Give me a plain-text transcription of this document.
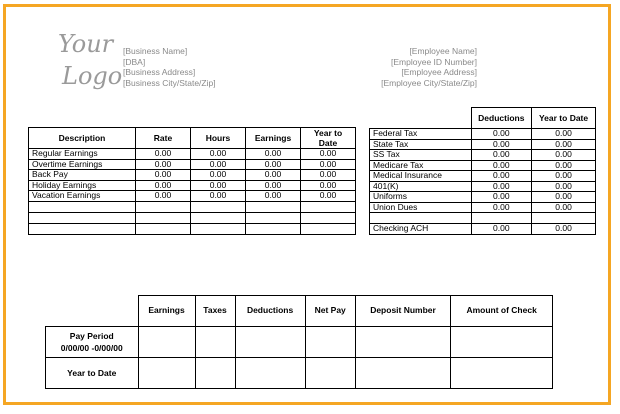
Your

Logo
[Business Name]
[DBA]
[Business Address]
[Business City/State/Zip]
[Employee Name]
[Employee ID Number]
[Employee Address]
[Employee City/State/Zip]
Description	Rate	Hours	Earnings	Year to Date
Regular Earnings	0.00	0.00	0.00	0.00
Overtime Earnings	0.00	0.00	0.00	0.00
Back Pay	0.00	0.00	0.00	0.00
Holiday Earnings	0.00	0.00	0.00	0.00
Vacation Earnings	0.00	0.00	0.00	0.00

	Deductions	Year to Date
Federal Tax	0.00	0.00
State Tax	0.00	0.00
SS Tax	0.00	0.00
Medicare Tax	0.00	0.00
Medical Insurance	0.00	0.00
401(K)	0.00	0.00
Uniforms	0.00	0.00
Union Dues	0.00	0.00

Checking ACH	0.00	0.00
	Earnings	Taxes	Deductions	Net Pay	Deposit Number	Amount of Check
Pay Period
0/00/00 -0/00/00						
Year to Date						
